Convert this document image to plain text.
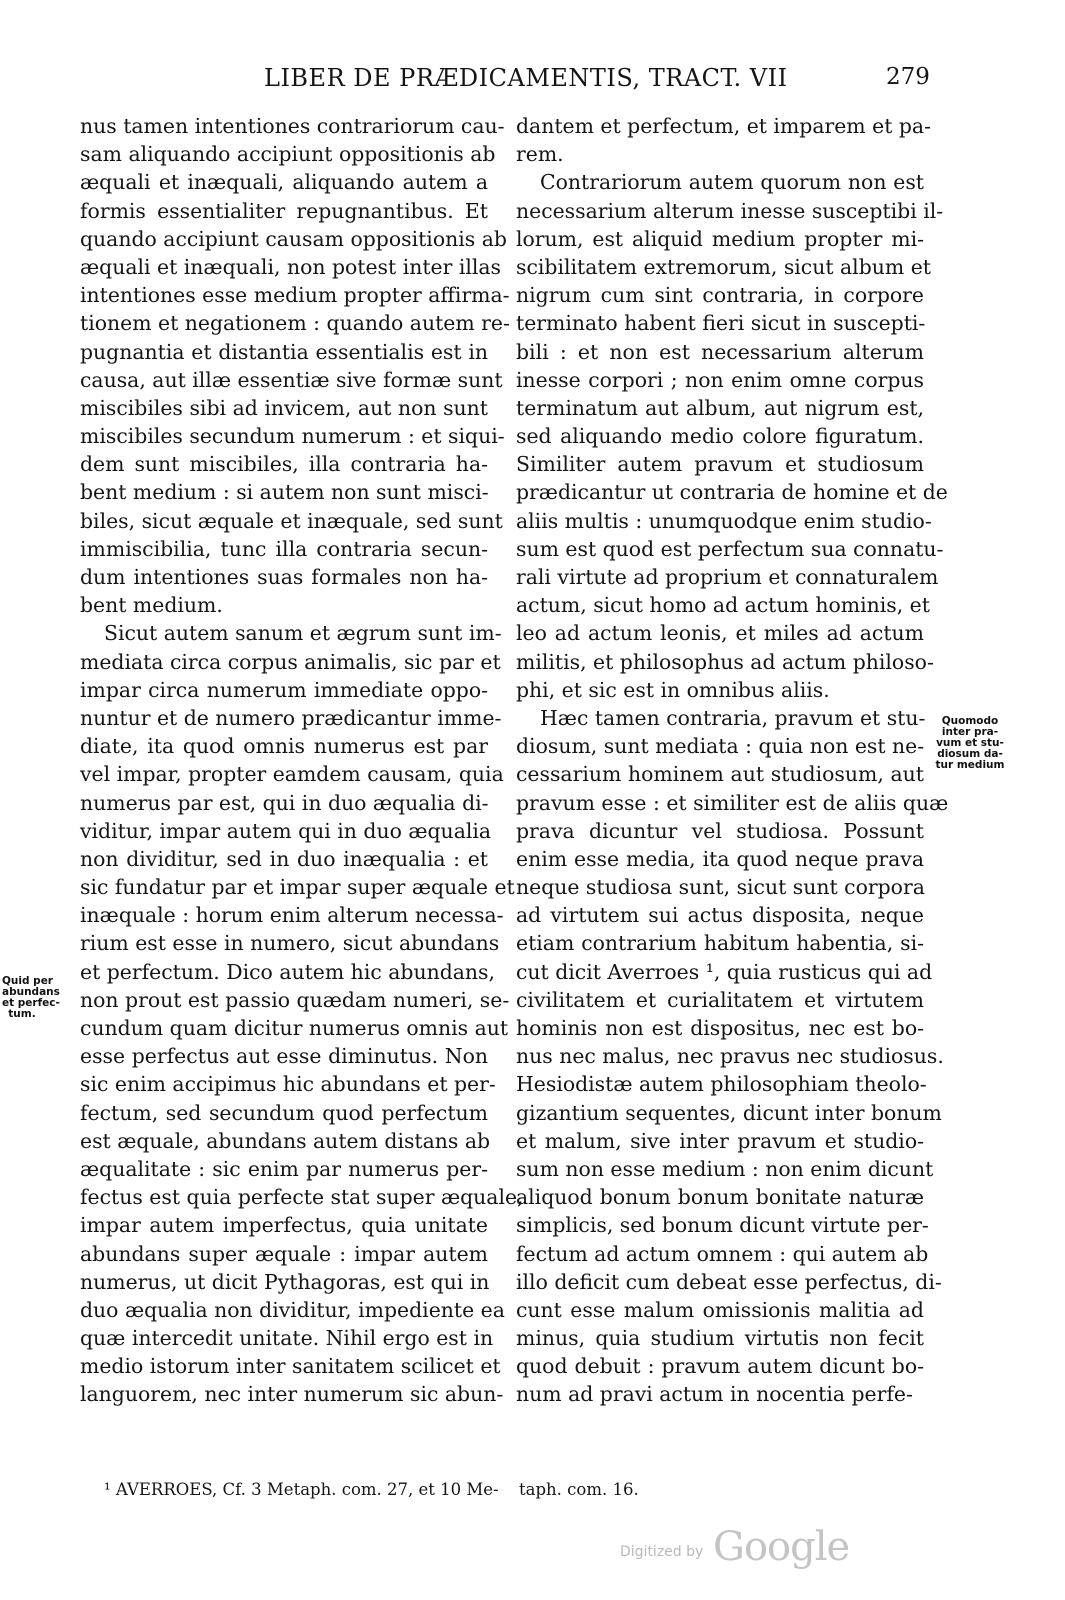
LIBER DE PRÆDICAMENTIS, TRACT. VII	279
nus tamen intentiones contrariorum cau-
sam aliquando accipiunt oppositionis ab
æquali et inæquali, aliquando autem a
formis essentialiter repugnantibus. Et
quando accipiunt causam oppositionis ab
æquali et inæquali, non potest inter illas
intentiones esse medium propter affirma-
tionem et negationem : quando autem re-
pugnantia et distantia essentialis est in
causa, aut illæ essentiæ sive formæ sunt
miscibiles sibi ad invicem, aut non sunt
miscibiles secundum numerum : et siqui-
dem sunt miscibiles, illa contraria ha-
bent medium : si autem non sunt misci-
biles, sicut æquale et inæquale, sed sunt
immiscibilia, tunc illa contraria secun-
dum intentiones suas formales non ha-
bent medium.
Sicut autem sanum et ægrum sunt im-
mediata circa corpus animalis, sic par et
impar circa numerum immediate oppo-
nuntur et de numero prædicantur imme-
diate, ita quod omnis numerus est par
vel impar, propter eamdem causam, quia
numerus par est, qui in duo æqualia di-
viditur, impar autem qui in duo æqualia
non dividitur, sed in duo inæqualia : et
sic fundatur par et impar super æquale et
inæquale : horum enim alterum necessa-
rium est esse in numero, sicut abundans
et perfectum. Dico autem hic abundans,
non prout est passio quædam numeri, se-
cundum quam dicitur numerus omnis aut
esse perfectus aut esse diminutus. Non
sic enim accipimus hic abundans et per-
fectum, sed secundum quod perfectum
est æquale, abundans autem distans ab
æqualitate : sic enim par numerus per-
fectus est quia perfecte stat super æquale,
impar autem imperfectus, quia unitate
abundans super æquale : impar autem
numerus, ut dicit Pythagoras, est qui in
duo æqualia non dividitur, impediente ea
quæ intercedit unitate. Nihil ergo est in
medio istorum inter sanitatem scilicet et
languorem, nec inter numerum sic abun-
dantem et perfectum, et imparem et pa-
rem.
Contrariorum autem quorum non est
necessarium alterum inesse susceptibi il-
lorum, est aliquid medium propter mi-
scibilitatem extremorum, sicut album et
nigrum cum sint contraria, in corpore
terminato habent fieri sicut in suscepti-
bili : et non est necessarium alterum
inesse corpori ; non enim omne corpus
terminatum aut album, aut nigrum est,
sed aliquando medio colore figuratum.
Similiter autem pravum et studiosum
prædicantur ut contraria de homine et de
aliis multis : unumquodque enim studio-
sum est quod est perfectum sua connatu-
rali virtute ad proprium et connaturalem
actum, sicut homo ad actum hominis, et
leo ad actum leonis, et miles ad actum
militis, et philosophus ad actum philoso-
phi, et sic est in omnibus aliis.
Hæc tamen contraria, pravum et stu-
diosum, sunt mediata : quia non est ne-
cessarium hominem aut studiosum, aut
pravum esse : et similiter est de aliis quæ
prava dicuntur vel studiosa. Possunt
enim esse media, ita quod neque prava
neque studiosa sunt, sicut sunt corpora
ad virtutem sui actus disposita, neque
etiam contrarium habitum habentia, si-
cut dicit Averroes ¹, quia rusticus qui ad
civilitatem et curialitatem et virtutem
hominis non est dispositus, nec est bo-
nus nec malus, nec pravus nec studiosus.
Hesiodistæ autem philosophiam theolo-
gizantium sequentes, dicunt inter bonum
et malum, sive inter pravum et studio-
sum non esse medium : non enim dicunt
aliquod bonum bonum bonitate naturæ
simplicis, sed bonum dicunt virtute per-
fectum ad actum omnem : qui autem ab
illo deficit cum debeat esse perfectus, di-
cunt esse malum omissionis malitia ad
minus, quia studium virtutis non fecit
quod debuit : pravum autem dicunt bo-
num ad pravi actum in nocentia perfe-
Quid per
abundans
et perfec-
tum.
Quomodo
inter pra-
vum et stu-
diosum da-
tur medium
¹ AVERROES, Cf. 3 Metaph. com. 27, et 10 Me- taph. com. 16.
Digitized by Google
